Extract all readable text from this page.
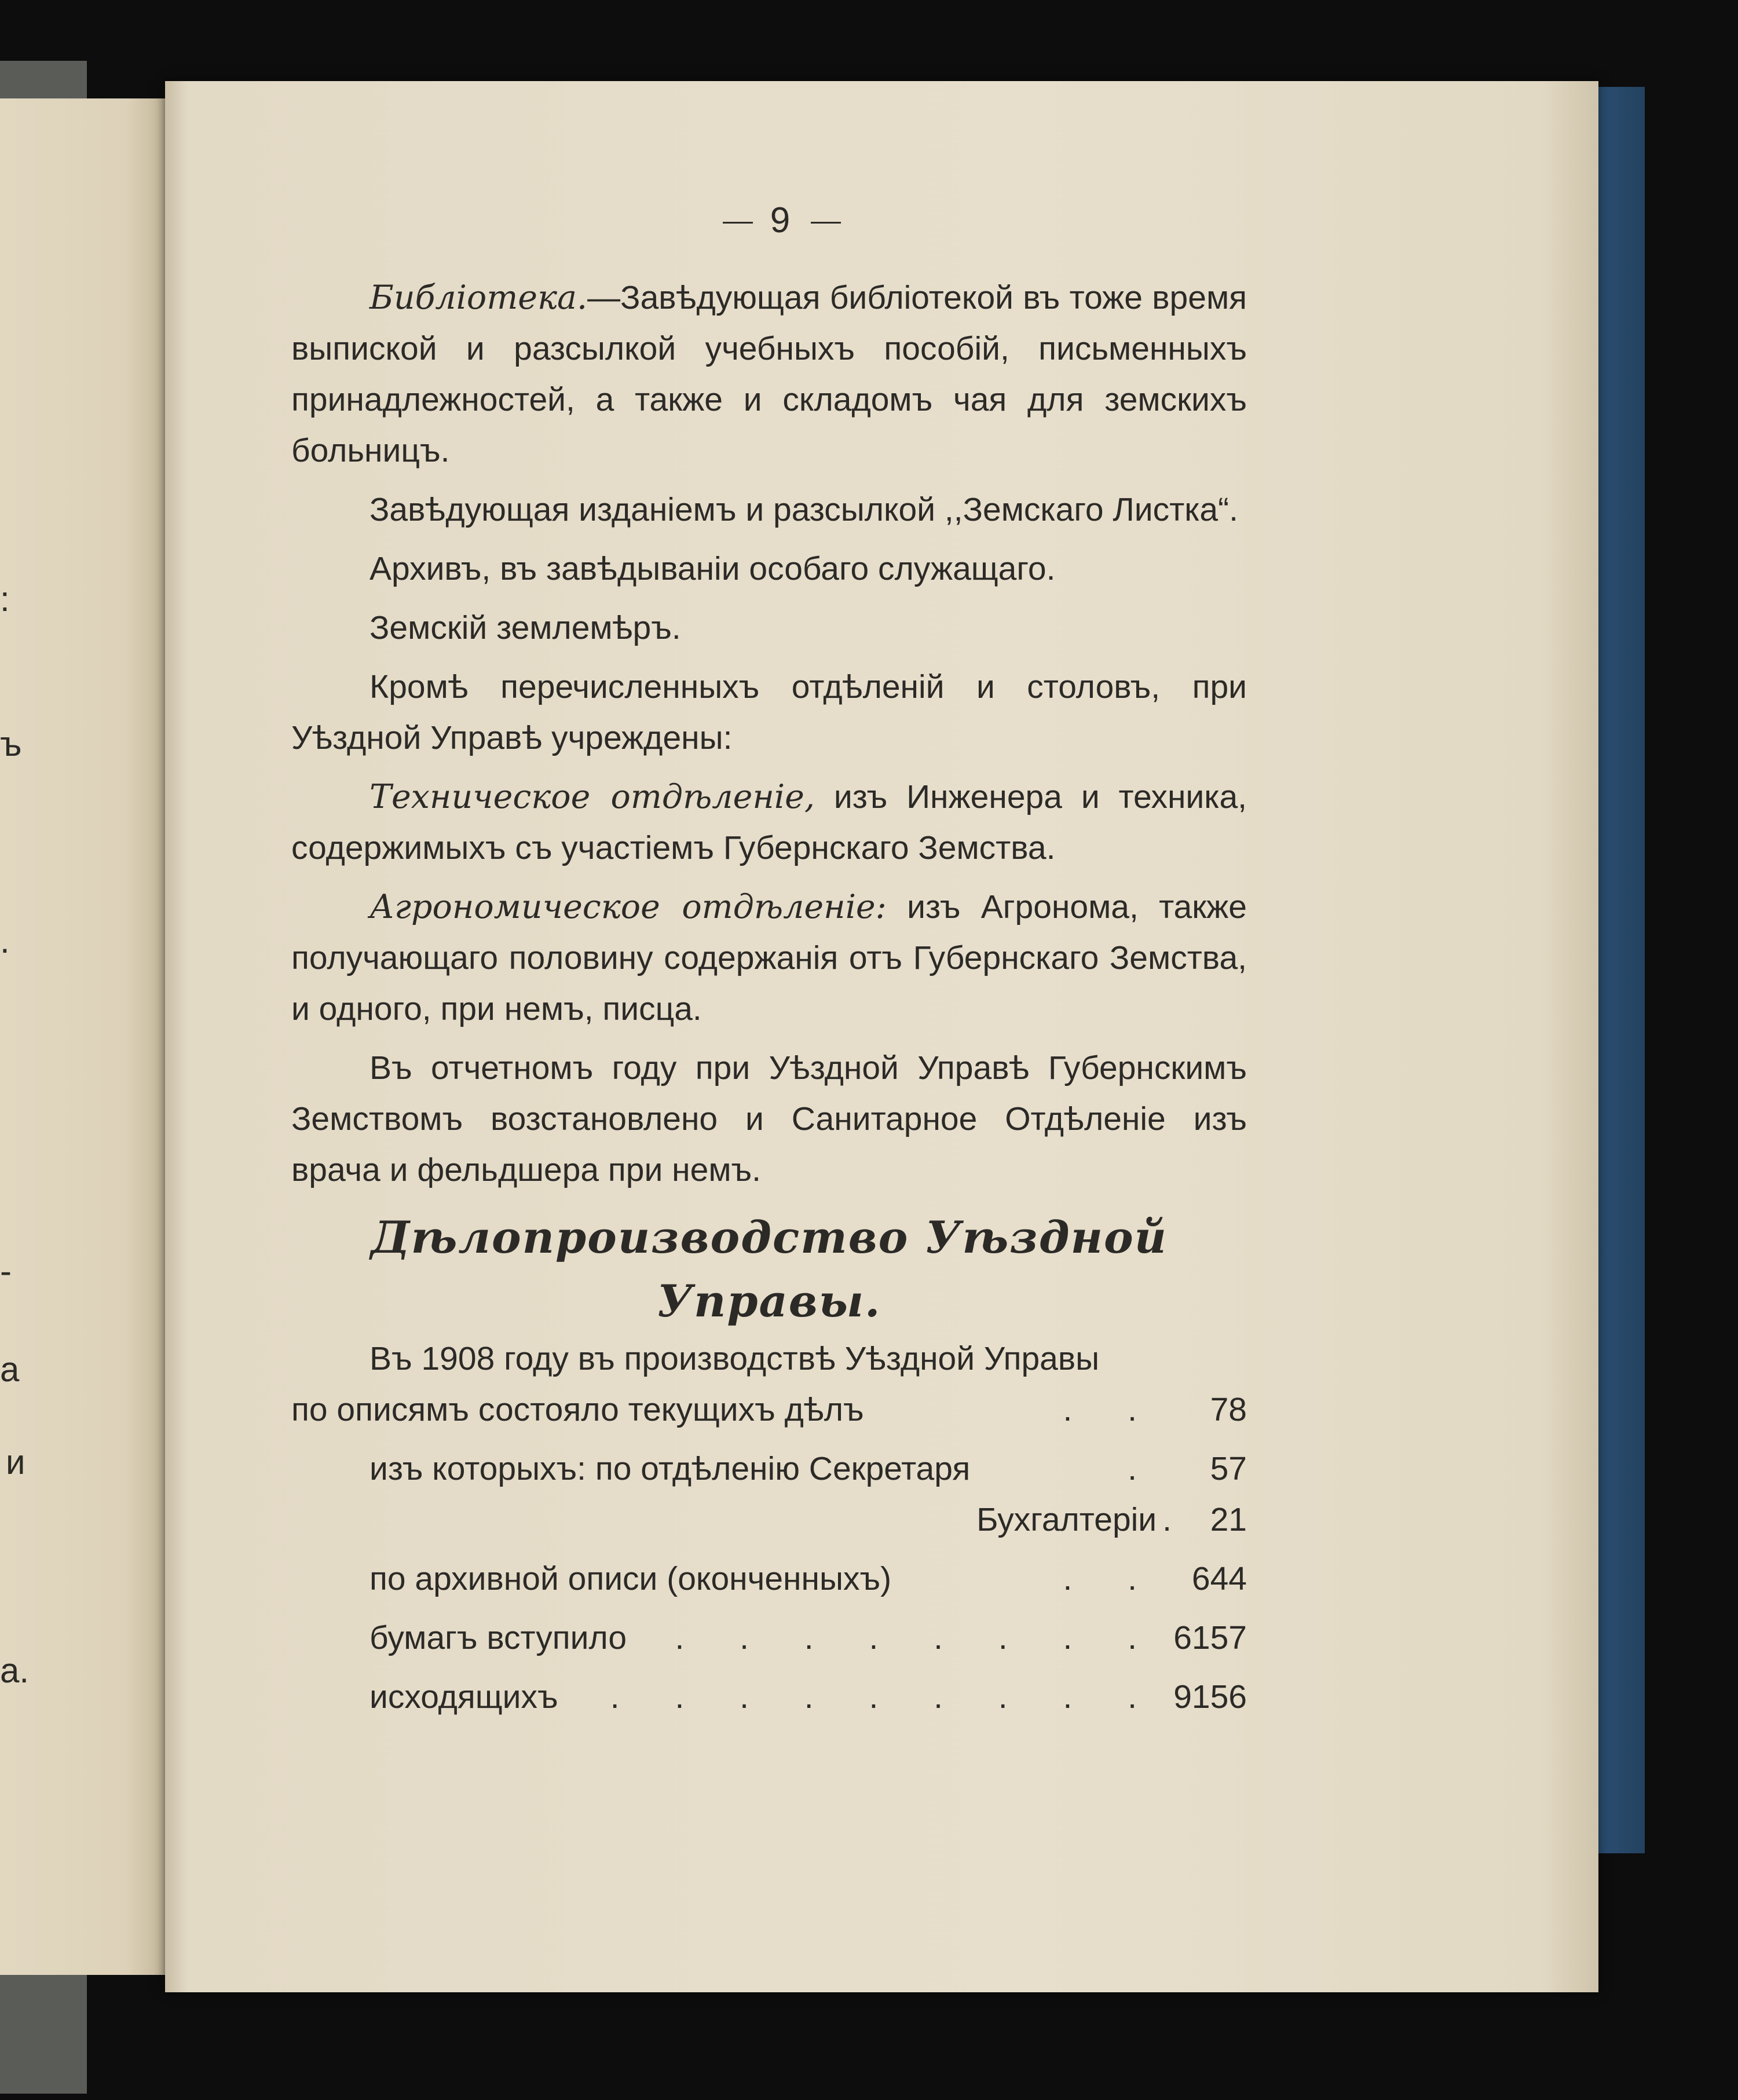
:
ъ
.
-
a
и
a.
9

Библіотека.—Завѣдующая библіотекой въ тоже время выпиской и разсылкой учебныхъ пособій, письменныхъ принадлежностей, а также и складомъ чая для земскихъ больницъ.

Завѣдующая изданіемъ и разсылкой ,,Земскаго Листка“.

Архивъ, въ завѣдываніи особаго служащаго.

Земскій землемѣръ.

Кромѣ перечисленныхъ отдѣленій и столовъ, при Уѣздной Управѣ учреждены:

Техническое отдѣленіе, изъ Инженера и техника, содержимыхъ съ участіемъ Губернскаго Земства.

Агрономическое отдѣленіе: изъ Агронома, также получающаго половину содержанія отъ Губернскаго Земства, и одного, при немъ, писца.

Въ отчетномъ году при Уѣздной Управѣ Губернскимъ Земствомъ возстановлено и Санитарное Отдѣленіе изъ врача и фельдшера при немъ.

Дѣлопроизводство Уѣздной Управы.

Въ 1908 году въ производствѣ Уѣздной Управы

по описямъ состояло текущихъ дѣлъ	. .	78
изъ которыхъ: по отдѣленію Секретаря	.	57
Бухгалтеріи .	21
по архивной описи (оконченныхъ)	. . 644
бумагъ вступило	. . . . . . . . 6157
исходящихъ	. . . . . . . . . 9156
